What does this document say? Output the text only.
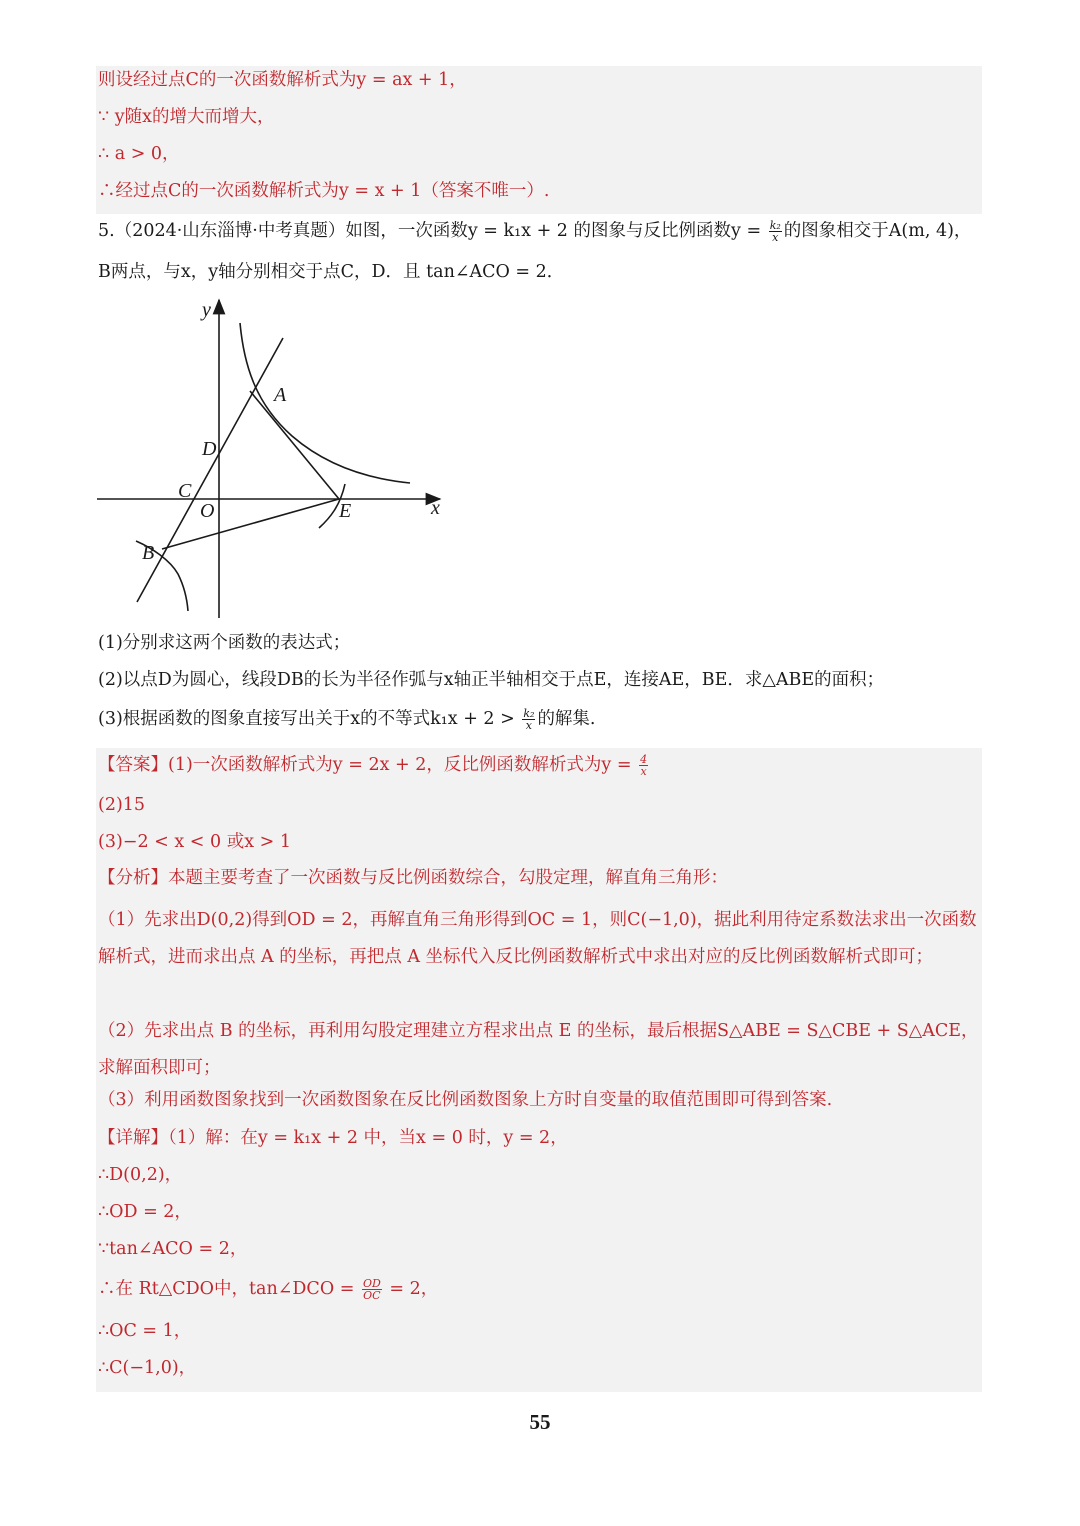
则设经过点C的一次函数解析式为y = ax + 1，
∵ y随x的增大而增大，
∴ a > 0，
∴经过点C的一次函数解析式为y = x + 1（答案不唯一）.
5.（2024·山东淄博·中考真题）如图，一次函数y = k₁x + 2 的图象与反比例函数$y = \frac{\text{k₂}}{x}$ 的图象相交于A(m, 4)，
B两点，与x，y轴分别相交于点C，D．且 tan∠ACO = 2．
y
x
A
D
C
O	E
B
(1)分别求这两个函数的表达式；
(2)以点D为圆心，线段DB的长为半径作弧与x轴正半轴相交于点E，连接AE，BE．求△ABE的面积；
(3)根据函数的图象直接写出关于x的不等式$k_1x + 2 > \frac{\text{k₂}}{x}$ 的解集.
【答案】(1)一次函数解析式为y = 2x + 2，反比例函数解析式为$y = \frac{4}{x}$
(2)15
(3)−2 < x < 0 或x > 1
【分析】本题主要考查了一次函数与反比例函数综合，勾股定理，解直角三角形：
（1）先求出D(0,2)得到OD = 2，再解直角三角形得到OC = 1，则C(−1,0)，据此利用待定系数法求出一次函数解析式，进而求出点 A 的坐标，再把点 A 坐标代入反比例函数解析式中求出对应的反比例函数解析式即可；
（2）先求出点 B 的坐标，再利用勾股定理建立方程求出点 E 的坐标，最后根据S△ABE = S△CBE + S△ACE，求解面积即可；
（3）利用函数图象找到一次函数图象在反比例函数图象上方时自变量的取值范围即可得到答案.
【详解】（1）解：在y = k₁x + 2 中，当x = 0 时，y = 2，
∴D(0,2)，
∴OD = 2，
∵tan∠ACO = 2，
∴在 Rt△CDO中，tan∠DCO = $\frac{OD}{OC} = 2$，
∴OC = 1，
∴C(−1,0)，
55
